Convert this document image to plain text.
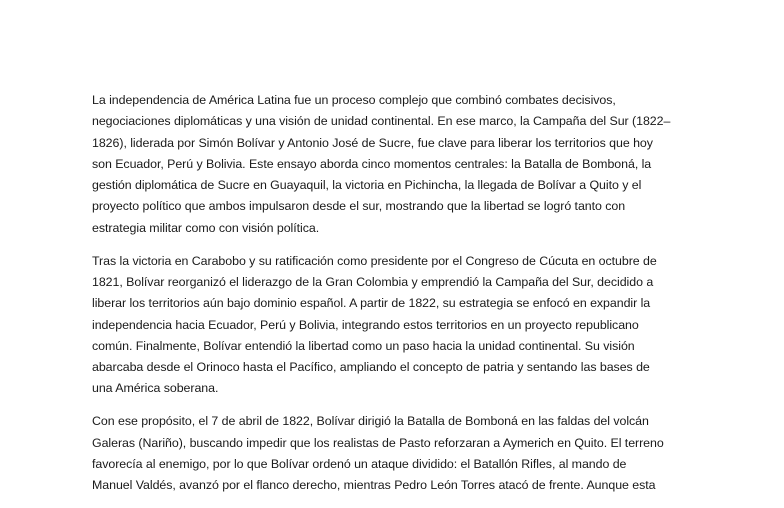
La independencia de América Latina fue un proceso complejo que combinó combates decisivos,
negociaciones diplomáticas y una visión de unidad continental. En ese marco, la Campaña del Sur (1822–
1826), liderada por Simón Bolívar y Antonio José de Sucre, fue clave para liberar los territorios que hoy
son Ecuador, Perú y Bolivia. Este ensayo aborda cinco momentos centrales: la Batalla de Bomboná, la
gestión diplomática de Sucre en Guayaquil, la victoria en Pichincha, la llegada de Bolívar a Quito y el
proyecto político que ambos impulsaron desde el sur, mostrando que la libertad se logró tanto con
estrategia militar como con visión política.

Tras la victoria en Carabobo y su ratificación como presidente por el Congreso de Cúcuta en octubre de
1821, Bolívar reorganizó el liderazgo de la Gran Colombia y emprendió la Campaña del Sur, decidido a
liberar los territorios aún bajo dominio español. A partir de 1822, su estrategia se enfocó en expandir la
independencia hacia Ecuador, Perú y Bolivia, integrando estos territorios en un proyecto republicano
común. Finalmente, Bolívar entendió la libertad como un paso hacia la unidad continental. Su visión
abarcaba desde el Orinoco hasta el Pacífico, ampliando el concepto de patria y sentando las bases de
una América soberana.

Con ese propósito, el 7 de abril de 1822, Bolívar dirigió la Batalla de Bomboná en las faldas del volcán
Galeras (Nariño), buscando impedir que los realistas de Pasto reforzaran a Aymerich en Quito. El terreno
favorecía al enemigo, por lo que Bolívar ordenó un ataque dividido: el Batallón Rifles, al mando de
Manuel Valdés, avanzó por el flanco derecho, mientras Pedro León Torres atacó de frente. Aunque esta
